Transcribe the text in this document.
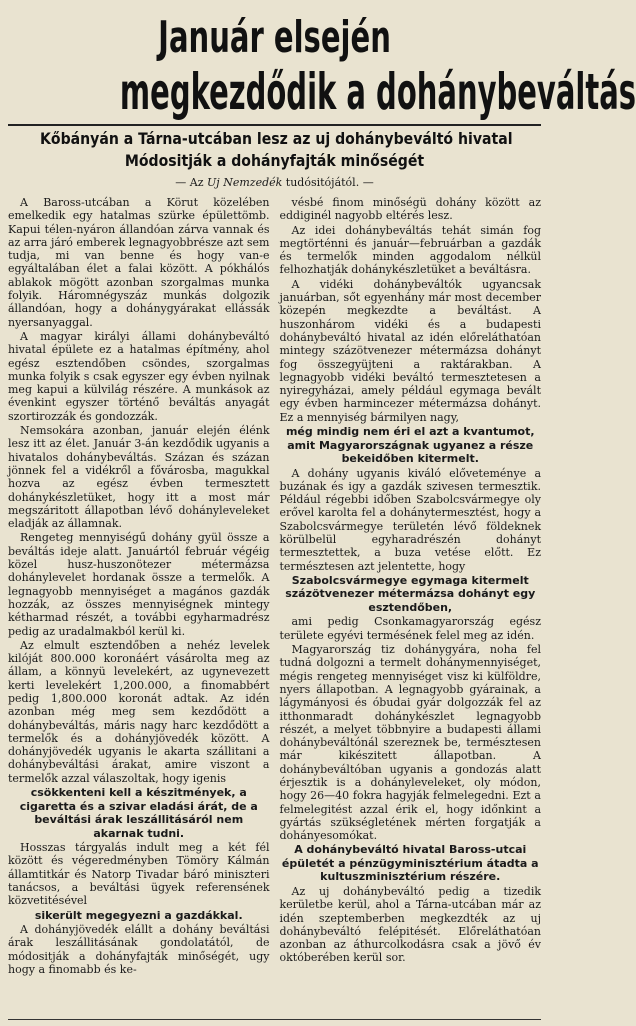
Január elsején
megkezdődik a dohánybeváltás
Kőbányán a Tárna-utcában lesz az uj dohánybeváltó hivatal
Módositják a dohányfajták minőségét
— Az Uj Nemzedék tudósitójától. —

A Baross-utcában a Körut közelében emelkedik egy hatalmas szürke épülettömb. Kapui télen-nyáron állandóan zárva vannak és az arra járó emberek legnagyobbrésze azt sem tudja, mi van benne és hogy van-e egyáltalában élet a falai között. A pókhálós ablakok mögött azonban szorgalmas munka folyik. Háromnégyszáz munkás dolgozik állandóan, hogy a dohánygyárakat ellássák nyersanyaggal.

A magyar királyi állami dohánybeváltó hivatal épülete ez a hatalmas építmény, ahol egész esztendőben csöndes, szorgalmas munka folyik s csak egyszer egy évben nyilnak meg kapui a külvilág részére. A munkások az évenkint egyszer történő beváltás anyagát szortirozzák és gondozzák.

Nemsokára azonban, január elején élénk lesz itt az élet. Január 3-án kezdődik ugyanis a hivatalos dohánybeváltás. Százan és százan jönnek fel a vidékről a fővárosba, magukkal hozva az egész évben termesztett dohánykészletüket, hogy itt a most már megszáritott állapotban lévő dohányleveleket eladják az államnak.

Rengeteg mennyiségű dohány gyül össze a beváltás ideje alatt. Januártól február végéig közel husz-huszonötezer métermázsa dohánylevelet hordanak össze a termelők. A legnagyobb mennyiséget a magános gazdák hozzák, az összes mennyiségnek mintegy kétharmad részét, a további egyharmadrész pedig az uradalmakból kerül ki.

Az elmult esztendőben a nehéz levelek kilóját 800.000 koronáért vásárolta meg az állam, a könnyü levelekért, az ugynevezett kerti levelekért 1,200.000, a finomabbért pedig 1,800.000 koronát adtak. Az idén azonban még meg sem kezdődött a dohánybeváltás, máris nagy harc kezdődött a termelők és a dohányjövedék között. A dohányjövedék ugyanis le akarta szállitani a dohánybeváltási árakat, amire viszont a termelők azzal válaszoltak, hogy igenis

csökkenteni kell a készitmények, a cigaretta és a szivar eladási árát, de a beváltási árak leszállitásáról nem akarnak tudni.

Hosszas tárgyalás indult meg a két fél között és végeredményben Tömöry Kálmán államtitkár és Natorp Tivadar báró miniszteri tanácsos, a beváltási ügyek referensének közvetitésével

sikerült megegyezni a gazdákkal.

A dohányjövedék elállt a dohány beváltási árak leszállitásának gondolatától, de módositják a dohányfajták minőségét, ugy hogy a finomabb és ke-

vésbé finom minőségü dohány között az eddiginél nagyobb eltérés lesz.

Az idei dohánybeváltás tehát simán fog megtörténni és január—februárban a gazdák és termelők minden aggodalom nélkül felhozhatják dohánykészletüket a beváltásra.

A vidéki dohánybeváltók ugyancsak januárban, sőt egyenhány már most december közepén megkezdte a beváltást. A huszonhárom vidéki és a budapesti dohánybeváltó hivatal az idén előreláthatóan mintegy százötvenezer métermázsa dohányt fog összegyüjteni a raktárakban. A legnagyobb vidéki beváltó termesztetesen a nyiregyházai, amely például egymaga bevált egy évben harmincezer métermázsa dohányt. Ez a mennyiség bármilyen nagy,

még mindig nem éri el azt a kvantumot, amit Magyarországnak ugyanez a része bekeidőben kitermelt.

A dohány ugyanis kiváló előveteménye a buzának és igy a gazdák szivesen termesztik. Például régebbi időben Szabolcsvármegye oly erővel karolta fel a dohánytermesztést, hogy a Szabolcsvármegye területén lévő földeknek körülbelül egyharadrészén dohányt termesztettek, a buza vetése előtt. Ez természtesen azt jelentette, hogy

Szabolcsvármegye egymaga kitermelt százötvenezer métermázsa dohányt egy esztendőben,

ami pedig Csonkamagyarország egész területe egyévi termésének felel meg az idén.

Magyarország tiz dohánygyára, noha fel tudná dolgozni a termelt dohánymennyiséget, mégis rengeteg mennyiséget visz ki külföldre, nyers állapotban. A legnagyobb gyárainak, a lágymányosi és óbudai gyár dolgozzák fel az itthonmaradt dohánykészlet legnagyobb részét, a melyet többnyire a budapesti állami dohánybeváltónál szereznek be, természtesen már kikészitett állapotban. A dohánybeváltóban ugyanis a gondozás alatt érjesztik is a dohányleveleket, oly módon, hogy 26—40 fokra hagyják felmelegedni. Ezt a felmelegitést azzal érik el, hogy időnkint a gyártás szükségletének mérten forgatják a dohányesomókat.

A dohánybeváltó hivatal Baross-utcai épületét a pénzügyminisztérium átadta a kultuszminisztérium részére.

Az uj dohánybeváltó pedig a tizedik kerületbe kerül, ahol a Tárna-utcában már az idén szeptemberben megkezdték az uj dohánybeváltó felépitését. Előreláthatóan azonban az áthurcolkodásra csak a jövő év októberében kerül sor.
